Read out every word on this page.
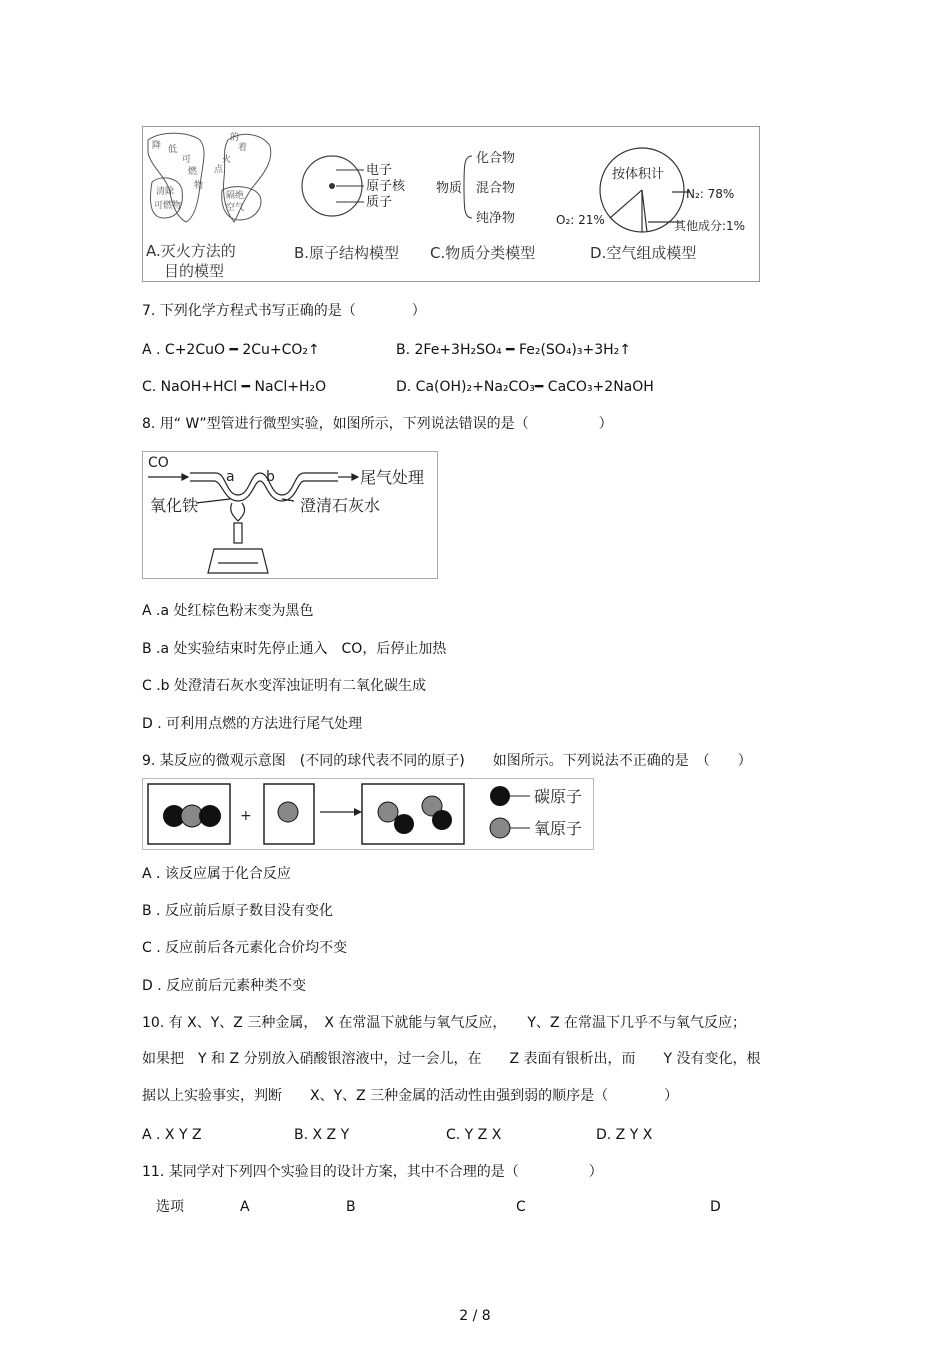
降 低
可
燃
物
着
火
点
的
隔绝
空气
清除
可燃物
电子
原子核
质子
物质
化合物
混合物
纯净物
按体积计
N₂: 78%
O₂: 21%	其他成分:1%
A.灭火方法的
目的模型
B.原子结构模型 C.物质分类模型	D.空气组成模型
7. 下列化学方程式书写正确的是（　　　　）
A . C+2CuO ━ 2Cu+CO₂↑	B. 2Fe+3H₂SO₄ ━ Fe₂(SO₄)₃+3H₂↑
C. NaOH+HCl ━ NaCl+H₂O	D. Ca(OH)₂+Na₂CO₃━ CaCO₃+2NaOH
8. 用“ W”型管进行微型实验，如图所示，下列说法错误的是（　　　　　）
CO
a b	尾气处理
氧化铁	澄清石灰水
A .a 处红棕色粉末变为黑色
B .a 处实验结束时先停止通入　CO，后停止加热
C .b 处澄清石灰水变浑浊证明有二氧化碳生成
D . 可利用点燃的方法进行尾气处理
9. 某反应的微观示意图　(不同的球代表不同的原子)　　如图所示。下列说法不正确的是　（　　）
+
碳原子
氧原子
A . 该反应属于化合反应
B . 反应前后原子数目没有变化
C . 反应前后各元素化合价均不变
D . 反应前后元素种类不变
10. 有 X、Y、Z 三种金属，　X 在常温下就能与氧气反应，　　Y、Z 在常温下几乎不与氧气反应；
如果把　Y 和 Z 分别放入硝酸银溶液中，过一会儿，在　　Z 表面有银析出，而　　Y 没有变化，根
据以上实验事实，判断　　X、Y、Z 三种金属的活动性由强到弱的顺序是（　　　　）
A . X Y Z	B. X Z Y	C. Y Z X	D. Z Y X
11. 某同学对下列四个实验目的设计方案，其中不合理的是（　　　　　）
选项	A	B	C	D
2 / 8
